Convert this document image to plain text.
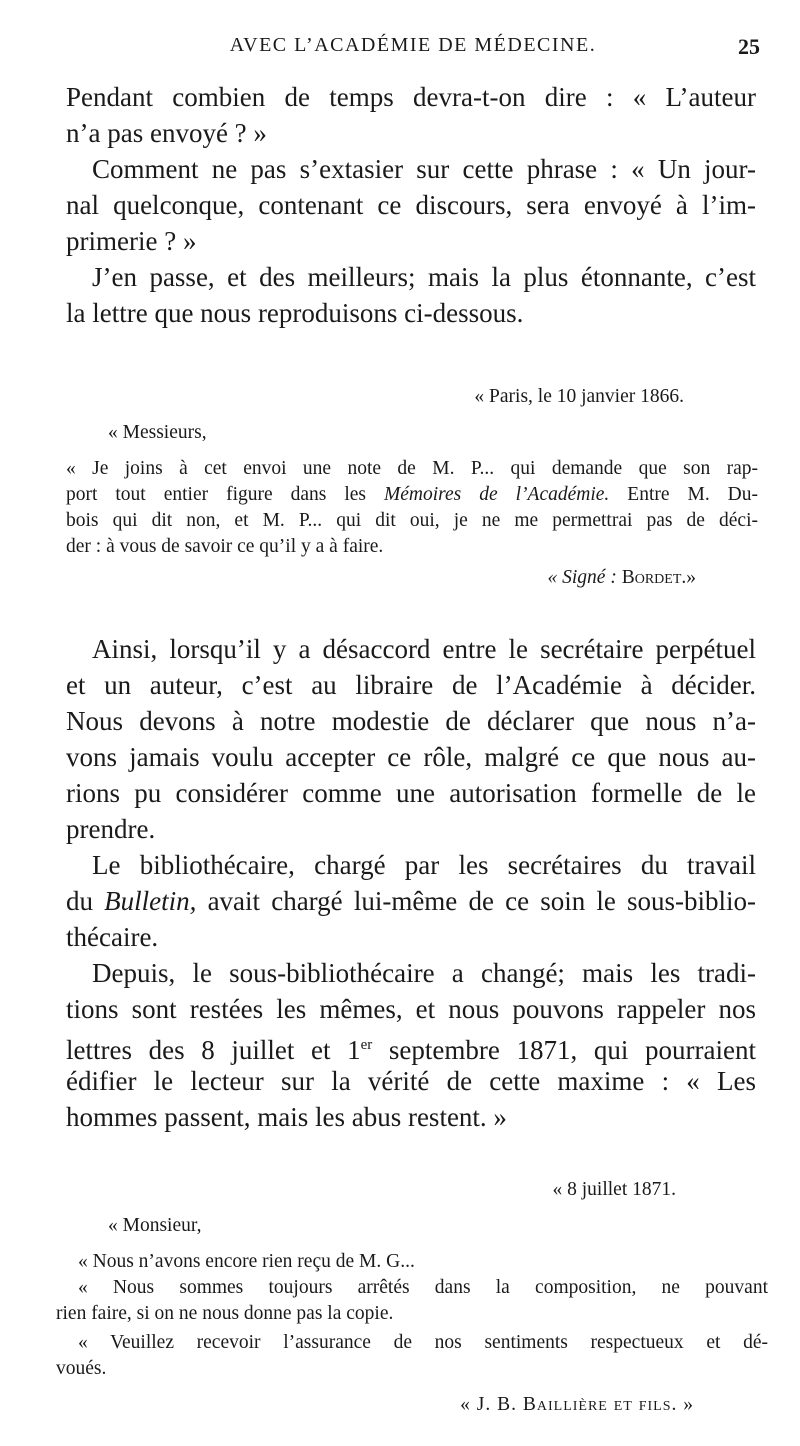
AVEC L’ACADÉMIE DE MÉDECINE.	25
Pendant combien de temps devra-t-on dire : « L’auteur
n’a pas envoyé ? »
Comment ne pas s’extasier sur cette phrase : « Un jour-
nal quelconque, contenant ce discours, sera envoyé à l’im-
primerie ? »
J’en passe, et des meilleurs; mais la plus étonnante, c’est
la lettre que nous reproduisons ci-dessous.
« Paris, le 10 janvier 1866.
« Messieurs,
« Je joins à cet envoi une note de M. P... qui demande que son rap-
port tout entier figure dans les Mémoires de l’Académie. Entre M. Du-
bois qui dit non, et M. P... qui dit oui, je ne me permettrai pas de déci-
der : à vous de savoir ce qu’il y a à faire.
« Signé : Bordet.»
Ainsi, lorsqu’il y a désaccord entre le secrétaire perpétuel
et un auteur, c’est au libraire de l’Académie à décider.
Nous devons à notre modestie de déclarer que nous n’a-
vons jamais voulu accepter ce rôle, malgré ce que nous au-
rions pu considérer comme une autorisation formelle de le
prendre.
Le bibliothécaire, chargé par les secrétaires du travail
du Bulletin, avait chargé lui-même de ce soin le sous-biblio-
thécaire.
Depuis, le sous-bibliothécaire a changé; mais les tradi-
tions sont restées les mêmes, et nous pouvons rappeler nos
lettres des 8 juillet et 1er septembre 1871, qui pourraient
édifier le lecteur sur la vérité de cette maxime : « Les
hommes passent, mais les abus restent. »
« 8 juillet 1871.
« Monsieur,
« Nous n’avons encore rien reçu de M. G...
« Nous sommes toujours arrêtés dans la composition, ne pouvant
rien faire, si on ne nous donne pas la copie.
« Veuillez recevoir l’assurance de nos sentiments respectueux et dé-
voués.
« J. B. Baillière et fils. »
